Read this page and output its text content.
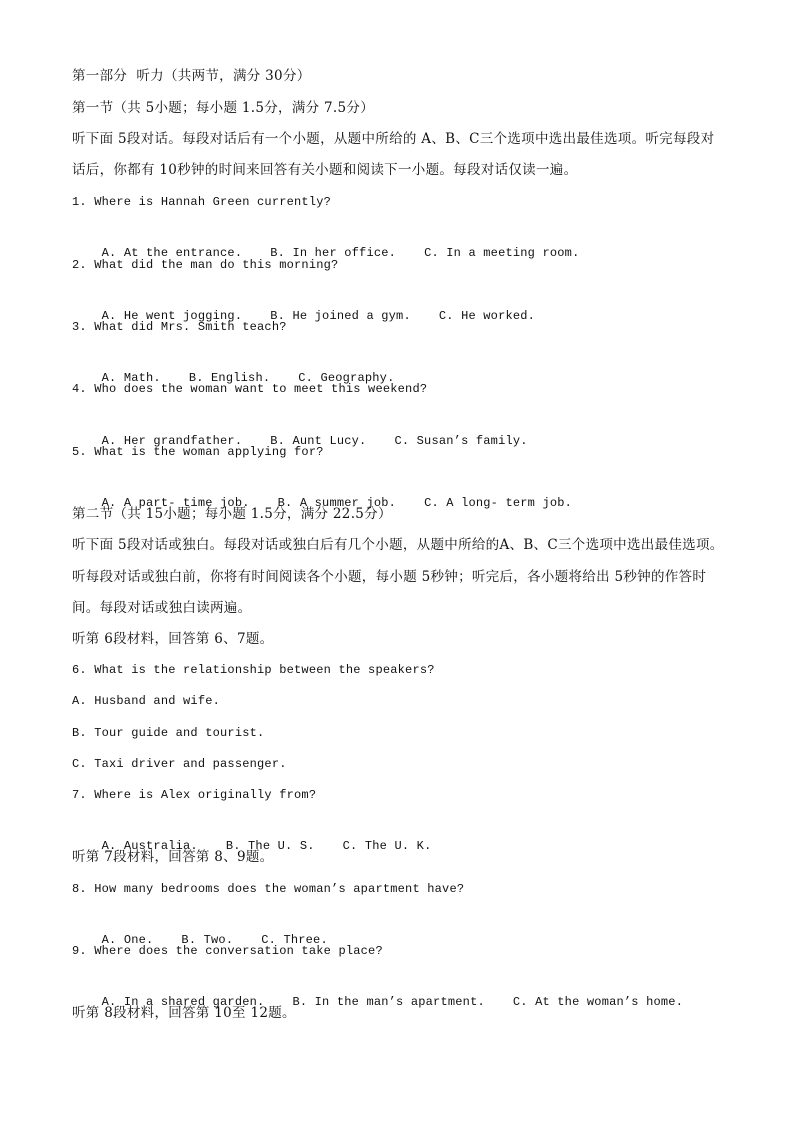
第一部分  听力（共两节，满分 30分）
第一节（共 5小题；每小题 1.5分，满分 7.5分）
听下面 5段对话。每段对话后有一个小题，从题中所给的 A、B、C三个选项中选出最佳选项。听完每段对
话后，你都有 10秒钟的时间来回答有关小题和阅读下一小题。每段对话仅读一遍。
1. Where is Hannah Green currently?

A. At the entrance. B. In her office. C. In a meeting room.

2. What did the man do this morning?

A. He went jogging. B. He joined a gym. C. He worked.

3. What did Mrs. Smith teach?

A. Math. B. English. C. Geography.

4. Who does the woman want to meet this weekend?

A. Her grandfather. B. Aunt Lucy. C. Susan’s family.

5. What is the woman applying for?

A. A part- time job. B. A summer job. C. A long- term job.

第二节（共 15小题；每小题 1.5分，满分 22.5分）
听下面 5段对话或独白。每段对话或独白后有几个小题，从题中所给的A、B、C三个选项中选出最佳选项。
听每段对话或独白前，你将有时间阅读各个小题，每小题 5秒钟；听完后，各小题将给出 5秒钟的作答时
间。每段对话或独白读两遍。
听第 6段材料，回答第 6、7题。
6. What is the relationship between the speakers?
A. Husband and wife.
B. Tour guide and tourist.
C. Taxi driver and passenger.
7. Where is Alex originally from?

A. Australia. B. The U. S. C. The U. K.

听第 7段材料，回答第 8、9题。
8. How many bedrooms does the woman’s apartment have?

A. One. B. Two. C. Three.

9. Where does the conversation take place?

A. In a shared garden. B. In the man’s apartment. C. At the woman’s home.

听第 8段材料，回答第 10至 12题。
